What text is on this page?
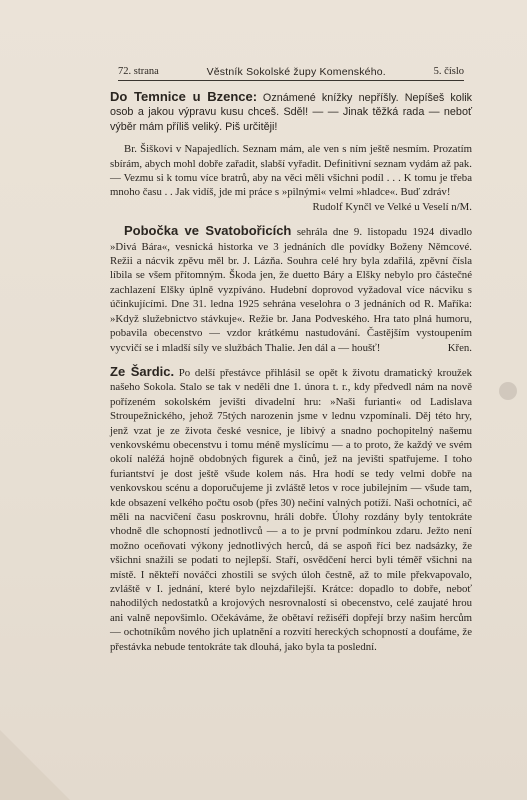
72. strana	Věstník Sokolské župy Komenského.	5. číslo

Do Temnice u Bzence: Oznámené knížky nepříšly. Nepíšeš kolik osob a jakou výpravu kusu chceš. Sděl! — — Jinak těžká rada — neboť výběr mám příliš veliký. Piš určitěji!

Br. Šiškovi v Napajedlích. Seznam mám, ale ven s ním ještě nesmím. Prozatím sbírám, abych mohl dobře zařadit, slabší vyřadit. Definitivní seznam vydám až pak. — Vezmu si k tomu více bratrů, aby na věci měli všichni podíl . . . K tomu je třeba mnoho času . . Jak vidíš, jde mi práce s »pilnými« velmi »hladce«. Buď zdráv!

Rudolf Kynčl ve Velké u Veselí n/M.

Pobočka ve Svatobořicích sehrála dne 9. listopadu 1924 divadlo »Divá Bára«, vesnická historka ve 3 jednáních dle povídky Boženy Němcové. Režii a nácvik zpěvu měl br. J. Lázňa. Souhra celé hry byla zdařilá, zpěvní čísla líbila se všem přítomným. Škoda jen, že duetto Báry a Elšky nebylo pro částečné zachlazení Elšky úplně vyzpíváno. Hudební doprovod vyžadoval více nácviku s účinkujícími. Dne 31. ledna 1925 sehrána veselohra o 3 jednáních od R. Maříka: »Když služebnictvo stávkuje«. Režie br. Jana Podveského. Hra tato plná humoru, pobavila obecenstvo — vzdor krátkému nastudování. Častějším vystoupením vycvičí se i mladší síly ve službách Thalie. Jen dál a — houšť!	Křen.

Ze Šardic. Po delší přestávce přihlásil se opět k životu dramatický kroužek našeho Sokola. Stalo se tak v neděli dne 1. února t. r., kdy předvedl nám na nově pořízeném sokolském jevišti divadelní hru: »Naši furianti« od Ladislava Stroupežnického, jehož 75tých narozenin jsme v lednu vzpomínali. Děj této hry, jenž vzat je ze života české vesnice, je libivý a snadno pochopitelný našemu venkovskému obecenstvu i tomu méně myslícímu — a to proto, že každý ve svém okolí naléžá hojně obdobných figurek a činů, jež na jevišti spatřujeme. I toho furiantství je dost ještě všude kolem nás. Hra hodí se tedy velmi dobře na venkovskou scénu a doporučujeme ji zvláště letos v roce jubilejním — všude tam, kde obsazení velkého počtu osob (přes 30) nečiní valných potíží. Naši ochotníci, ač měli na nacvičení času poskrovnu, hráli dobře. Úlohy rozdány byly tentokráte vhodně dle schopností jednotlivců — a to je první podmínkou zdaru. Ježto není možno oceňovati výkony jednotlivých herců, dá se aspoň říci bez nadsázky, že všichni snažili se podati to nejlepší. Staří, osvědčení herci byli téměř všichni na místě. I někteří nováčci zhostili se svých úloh čestně, až to mile překvapovalo, zvláště v I. jednání, které bylo nejzdařilejší. Krátce: dopadlo to dobře, neboť nahodilých nedostatků a krojových nesrovnalostí si obecenstvo, celé zaujaté hrou ani valně nepovšimlo. Očekáváme, že obětaví režiséři dopřejí brzy našim hercům — ochotníkům nového jich uplatnění a rozvití hereckých schopností a doufáme, že přestávka nebude tentokráte tak dlouhá, jako byla ta poslední.
